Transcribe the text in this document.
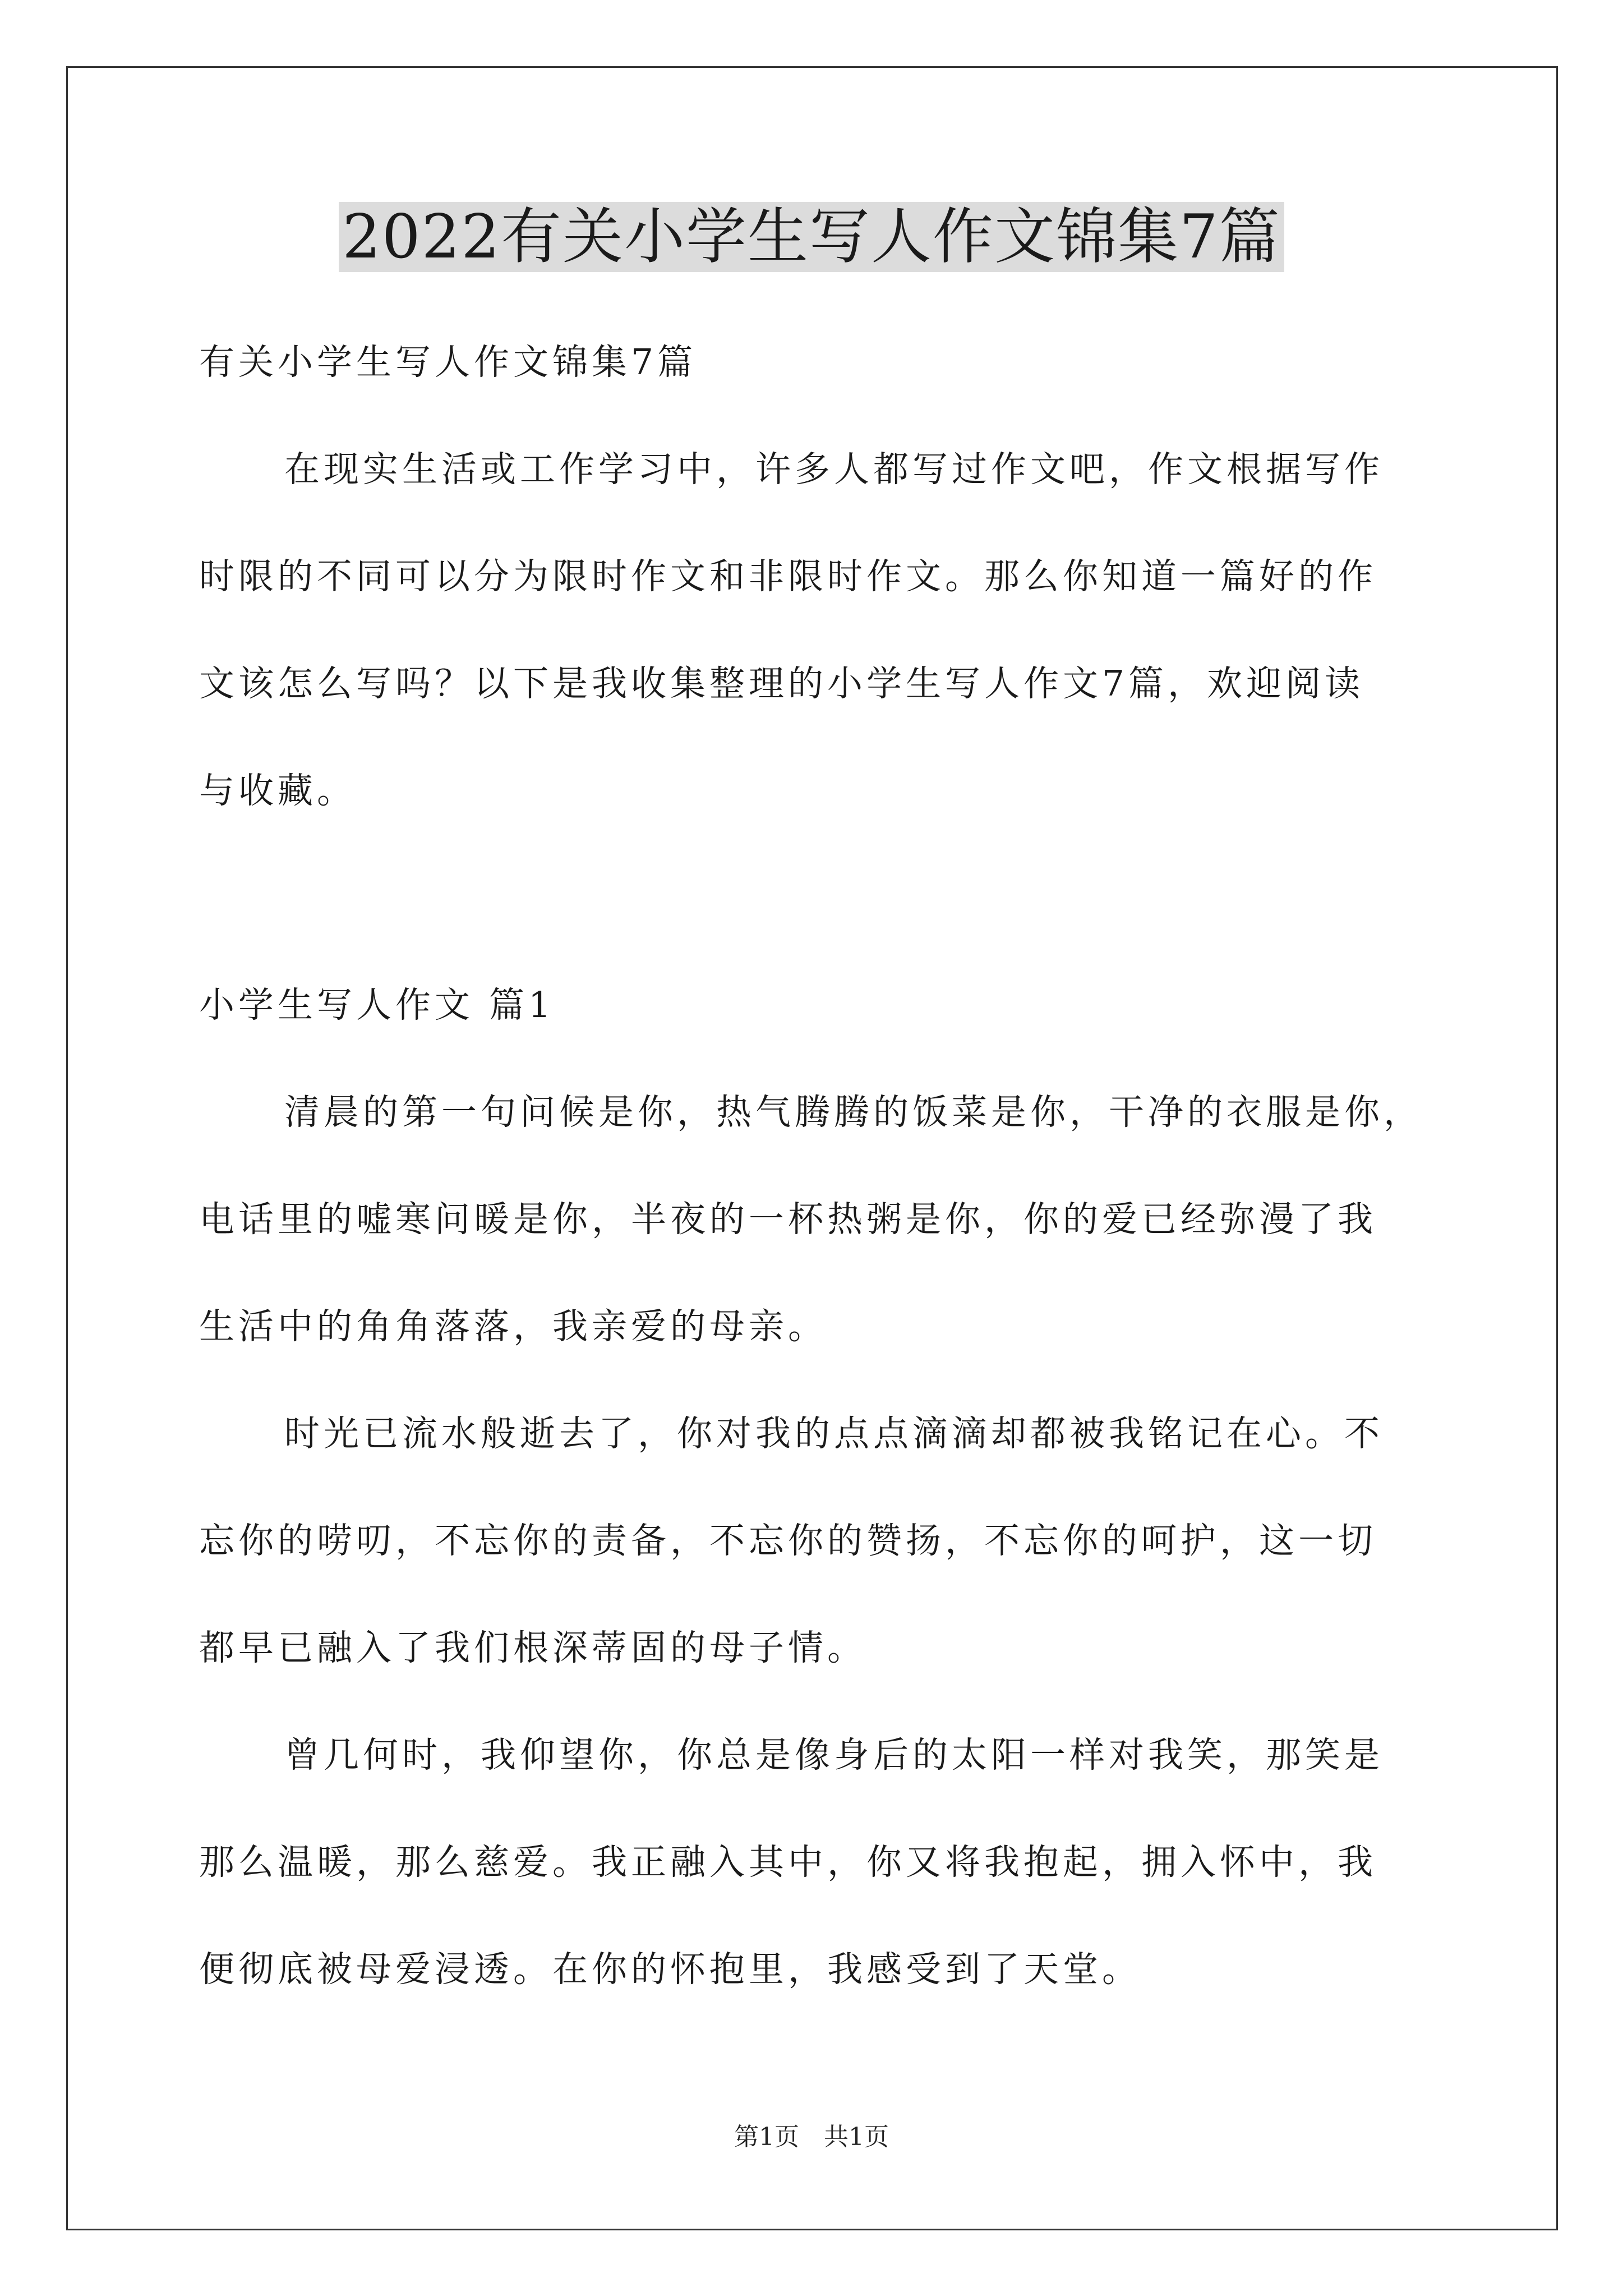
2022有关小学生写人作文锦集7篇
有关小学生写人作文锦集7篇
在现实生活或工作学习中，许多人都写过作文吧，作文根据写作
时限的不同可以分为限时作文和非限时作文。那么你知道一篇好的作
文该怎么写吗？以下是我收集整理的小学生写人作文7篇，欢迎阅读
与收藏。
小学生写人作文 篇1
清晨的第一句问候是你，热气腾腾的饭菜是你，干净的衣服是你，
电话里的嘘寒问暖是你，半夜的一杯热粥是你，你的爱已经弥漫了我
生活中的角角落落，我亲爱的母亲。
时光已流水般逝去了，你对我的点点滴滴却都被我铭记在心。不
忘你的唠叨，不忘你的责备，不忘你的赞扬，不忘你的呵护，这一切
都早已融入了我们根深蒂固的母子情。
曾几何时，我仰望你，你总是像身后的太阳一样对我笑，那笑是
那么温暖，那么慈爱。我正融入其中，你又将我抱起，拥入怀中，我
便彻底被母爱浸透。在你的怀抱里，我感受到了天堂。
第1页　共1页
